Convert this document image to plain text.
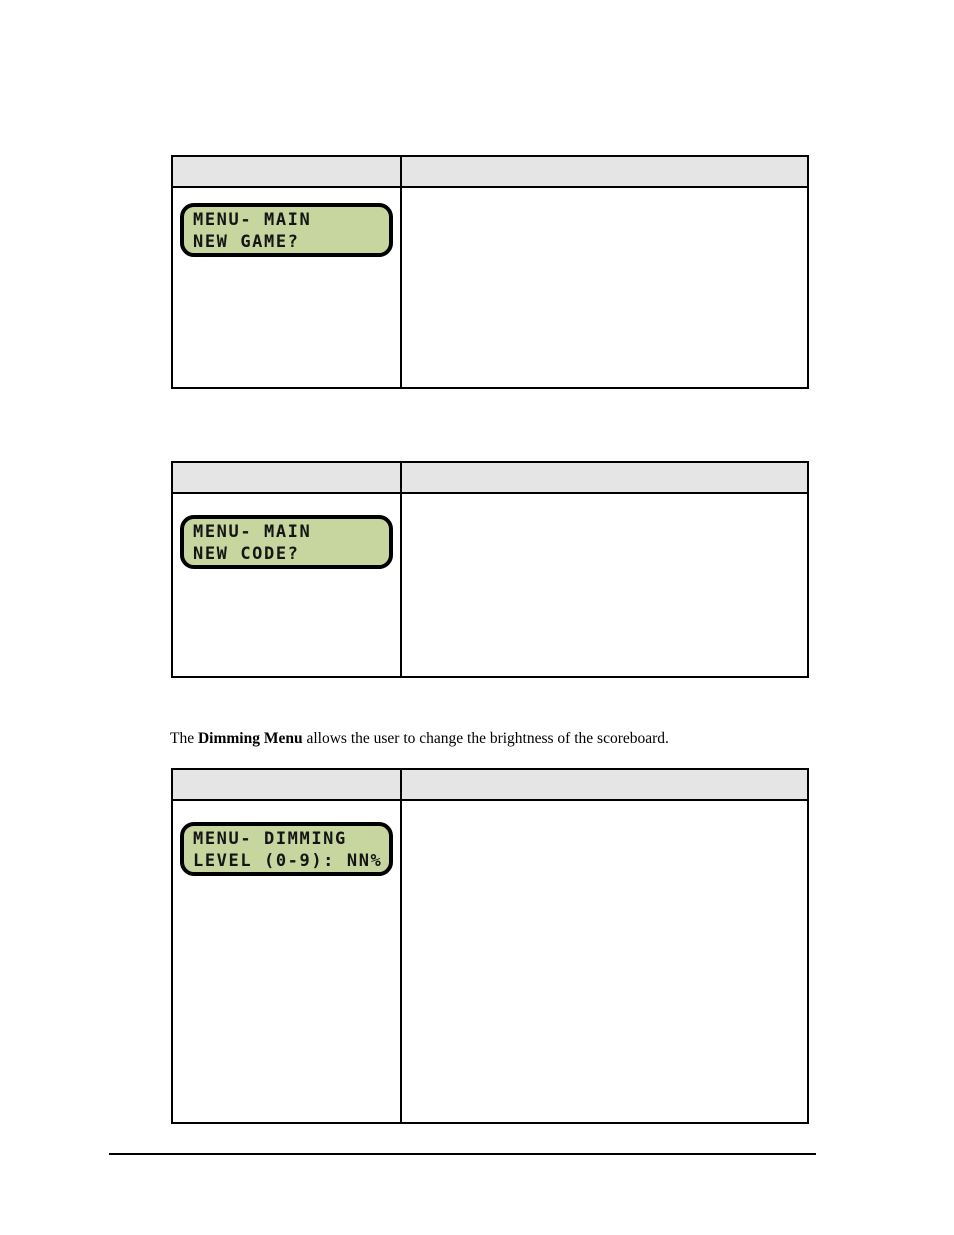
MENU- MAIN
NEW GAME?	

MENU- MAIN
NEW CODE?	

The Dimming Menu allows the user to change the brightness of the scoreboard.

MENU- DIMMING
LEVEL (0-9): NN%	
